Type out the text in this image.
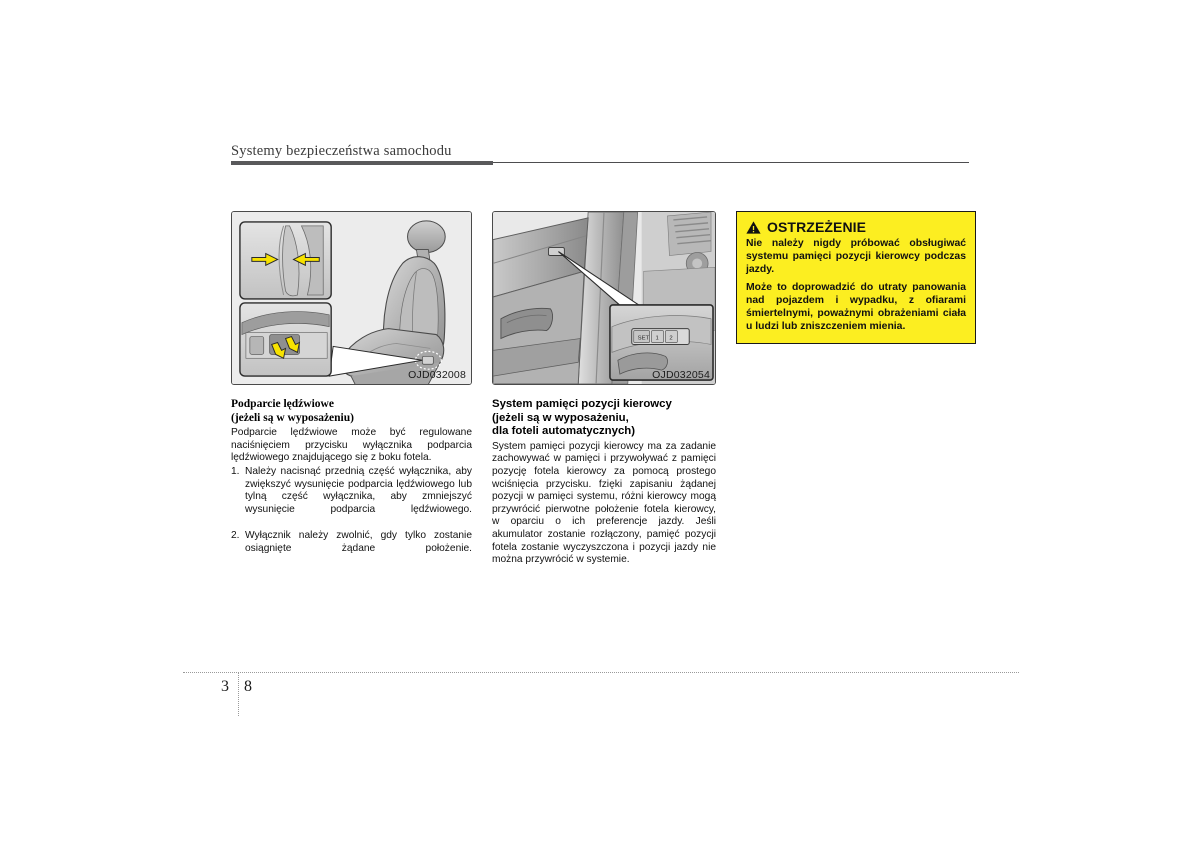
Systemy bezpieczeństwa samochodu
OJD032008
Podparcie lędźwiowe
(jeżeli są w wyposażeniu)

Podparcie lędźwiowe może być regulowane naciśnięciem przycisku wyłącznika podparcia lędźwiowego znajdującego się z boku fotela.

Należy nacisnąć przednią część wyłącznika, aby zwiększyć wysunięcie podparcia lędźwiowego lub tylną część wyłącznika, aby zmniejszyć wysunięcie podparcia lędźwiowego.
Wyłącznik należy zwolnić, gdy tylko zostanie osiągnięte żądane położenie.
SET 1 2
OJD032054
System pamięci pozycji kierowcy
(jeżeli są w wyposażeniu,
dla foteli automatycznych)

System pamięci pozycji kierowcy ma za zadanie zachowywać w pamięci i przywoływać z pamięci pozycję fotela kierowcy za pomocą prostego wciśnięcia przycisku. fzięki zapisaniu żądanej pozycji w pamięci systemu, różni kierowcy mogą przywrócić pierwotne położenie fotela kierowcy, w oparciu o ich preferencje jazdy. Jeśli akumulator zostanie rozłączony, pamięć pozycji fotela zostanie wyczyszczona i pozycji jazdy nie można przywrócić w systemie.

OSTRZEŻENIE

Nie należy nigdy próbować obsługiwać systemu pamięci pozycji kierowcy podczas jazdy.

Może to doprowadzić do utraty panowania nad pojazdem i wypadku, z ofiarami śmiertelnymi, poważnymi obrażeniami ciała u ludzi lub zniszczeniem mienia.

3 8
